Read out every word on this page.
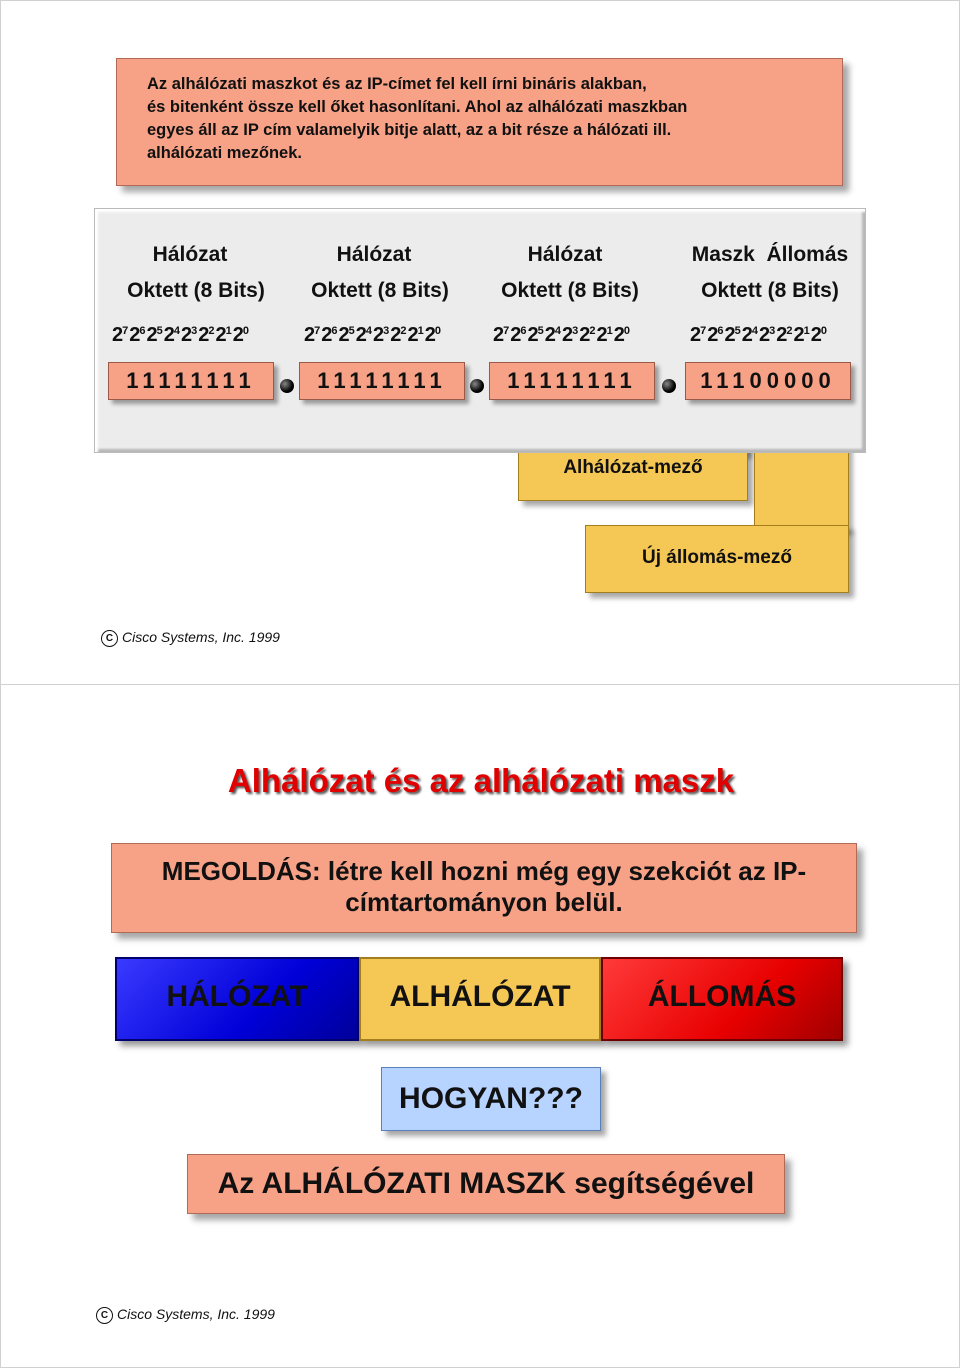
Az alhálózati maszkot és az IP-címet fel kell írni bináris alakban,
és bitenként össze kell őket hasonlítani. Ahol az alhálózati maszkban
egyes áll az IP cím valamelyik bitje alatt, az a bit része a hálózati ill.
alhálózati mezőnek.
Alhálózat-mező
Új állomás-mező
Hálózat
Oktett (8 Bits)
$2^72^62^52^42^32^22^12^0$
11111111
Hálózat
Oktett (8 Bits)
$2^72^62^52^42^32^22^12^0$
11111111
Hálózat
Oktett (8 Bits)
$2^72^62^52^42^32^22^12^0$
11111111
Maszk  Állomás
Oktett (8 Bits)
$2^72^62^52^42^32^22^12^0$
11100000
C Cisco Systems, Inc. 1999
Alhálózat és az alhálózati maszk
MEGOLDÁS: létre kell hozni még egy szekciót az IP-
címtartományon belül.
HÁLÓZAT	ALHÁLÓZAT	ÁLLOMÁS
HOGYAN???
Az ALHÁLÓZATI MASZK segítségével
C Cisco Systems, Inc. 1999
